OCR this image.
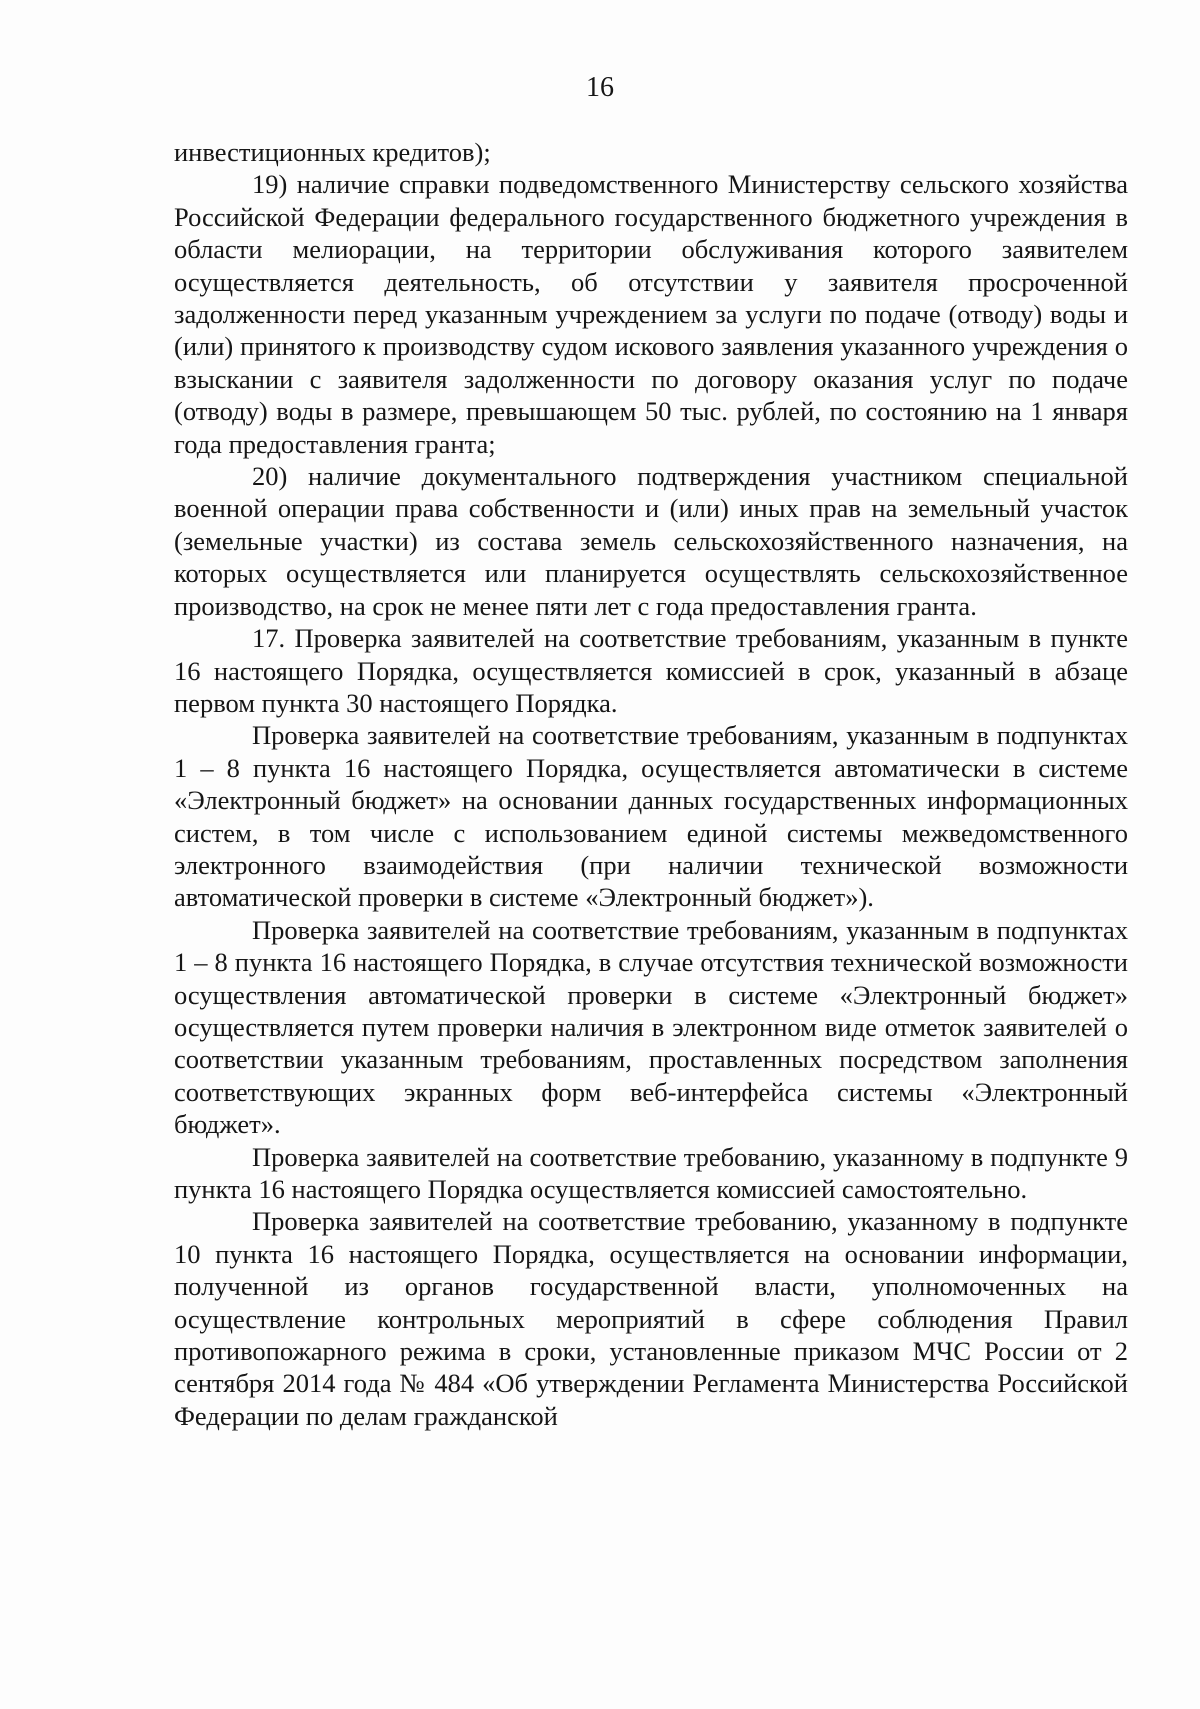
16

инвестиционных кредитов);

19) наличие справки подведомственного Министерству сельского хозяйства Российской Федерации федерального государственного бюджетного учреждения в области мелиорации, на территории обслуживания которого заявителем осуществляется деятельность, об отсутствии у заявителя просроченной задолженности перед указанным учреждением за услуги по подаче (отводу) воды и (или) принятого к производству судом искового заявления указанного учреждения о взыскании с заявителя задолженности по договору оказания услуг по подаче (отводу) воды в размере, превышающем 50 тыс. рублей, по состоянию на 1 января года предоставления гранта;

20) наличие документального подтверждения участником специальной военной операции права собственности и (или) иных прав на земельный участок (земельные участки) из состава земель сельскохозяйственного назначения, на которых осуществляется или планируется осуществлять сельскохозяйственное производство, на срок не менее пяти лет с года предоставления гранта.

17. Проверка заявителей на соответствие требованиям, указанным в пункте 16 настоящего Порядка, осуществляется комиссией в срок, указанный в абзаце первом пункта 30 настоящего Порядка.

Проверка заявителей на соответствие требованиям, указанным в подпунктах 1 – 8 пункта 16 настоящего Порядка, осуществляется автоматически в системе «Электронный бюджет» на основании данных государственных информационных систем, в том числе с использованием единой системы межведомственного электронного взаимодействия (при наличии технической возможности автоматической проверки в системе «Электронный бюджет»).

Проверка заявителей на соответствие требованиям, указанным в подпунктах 1 – 8 пункта 16 настоящего Порядка, в случае отсутствия технической возможности осуществления автоматической проверки в системе «Электронный бюджет» осуществляется путем проверки наличия в электронном виде отметок заявителей о соответствии указанным требованиям, проставленных посредством заполнения соответствующих экранных форм веб-интерфейса системы «Электронный бюджет».

Проверка заявителей на соответствие требованию, указанному в подпункте 9 пункта 16 настоящего Порядка осуществляется комиссией самостоятельно.

Проверка заявителей на соответствие требованию, указанному в подпункте 10 пункта 16 настоящего Порядка, осуществляется на основании информации, полученной из органов государственной власти, уполномоченных на осуществление контрольных мероприятий в сфере соблюдения Правил противопожарного режима в сроки, установленные приказом МЧС России от 2 сентября 2014 года № 484 «Об утверждении Регламента Министерства Российской Федерации по делам гражданской
